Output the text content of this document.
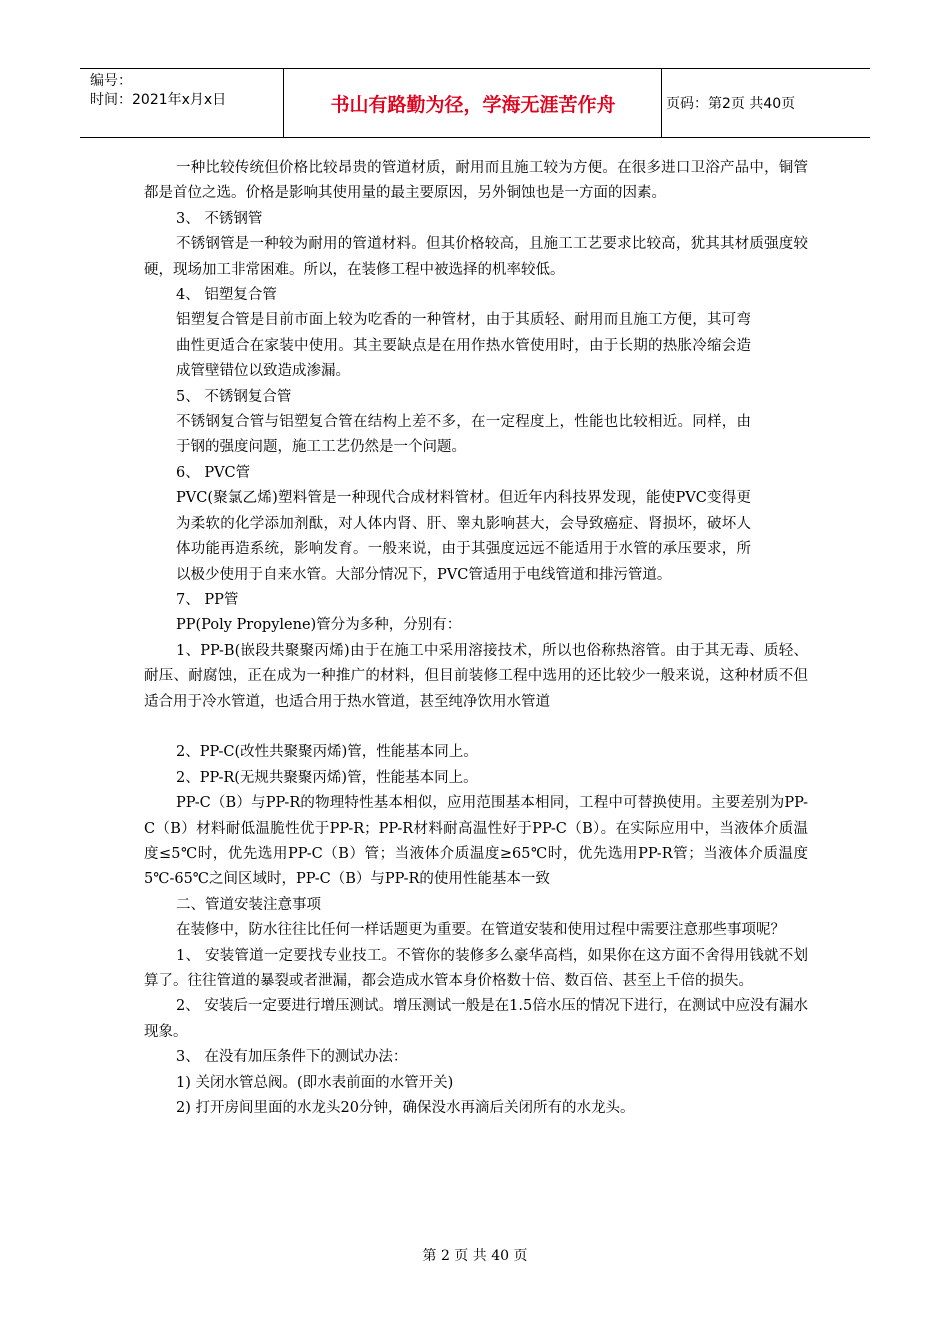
编号：
时间：2021年x月x日	书山有路勤为径，学海无涯苦作舟	页码：第2页 共40页

一种比较传统但价格比较昂贵的管道材质，耐用而且施工较为方便。在很多进口卫浴产品中，铜管都是首位之选。价格是影响其使用量的最主要原因，另外铜蚀也是一方面的因素。

3、 不锈钢管

不锈钢管是一种较为耐用的管道材料。但其价格较高，且施工工艺要求比较高，犹其其材质强度较硬，现场加工非常困难。所以，在装修工程中被选择的机率较低。

4、 铝塑复合管

铝塑复合管是目前市面上较为吃香的一种管材，由于其质轻、耐用而且施工方便，其可弯曲性更适合在家装中使用。其主要缺点是在用作热水管使用时，由于长期的热胀冷缩会造成管壁错位以致造成渗漏。

5、 不锈钢复合管

不锈钢复合管与铝塑复合管在结构上差不多，在一定程度上，性能也比较相近。同样，由于钢的强度问题，施工工艺仍然是一个问题。

6、 PVC管

PVC(聚氯乙烯)塑料管是一种现代合成材料管材。但近年内科技界发现，能使PVC变得更为柔软的化学添加剂酞，对人体内肾、肝、睾丸影响甚大，会导致癌症、肾损坏，破坏人体功能再造系统，影响发育。一般来说，由于其强度远远不能适用于水管的承压要求，所以极少使用于自来水管。大部分情况下，PVC管适用于电线管道和排污管道。

7、 PP管

PP(Poly Propylene)管分为多种，分别有：

1、PP-B(嵌段共聚聚丙烯)由于在施工中采用溶接技术，所以也俗称热溶管。由于其无毒、质轻、耐压、耐腐蚀，正在成为一种推广的材料，但目前装修工程中选用的还比较少一般来说，这种材质不但适合用于冷水管道，也适合用于热水管道，甚至纯净饮用水管道

2、PP-C(改性共聚聚丙烯)管，性能基本同上。

2、PP-R(无规共聚聚丙烯)管，性能基本同上。

PP-C（B）与PP-R的物理特性基本相似，应用范围基本相同，工程中可替换使用。主要差别为PP-C（B）材料耐低温脆性优于PP-R；PP-R材料耐高温性好于PP-C（B）。在实际应用中，当液体介质温度≤5℃时，优先选用PP-C（B）管；当液体介质温度≥65℃时，优先选用PP-R管；当液体介质温度5℃-65℃之间区域时，PP-C（B）与PP-R的使用性能基本一致

二、管道安装注意事项

在装修中，防水往往比任何一样话题更为重要。在管道安装和使用过程中需要注意那些事项呢？

1、 安装管道一定要找专业技工。不管你的装修多么豪华高档，如果你在这方面不舍得用钱就不划算了。往往管道的暴裂或者泄漏，都会造成水管本身价格数十倍、数百倍、甚至上千倍的损失。

2、 安装后一定要进行增压测试。增压测试一般是在1.5倍水压的情况下进行，在测试中应没有漏水现象。

3、 在没有加压条件下的测试办法：

1) 关闭水管总阀。(即水表前面的水管开关)

2) 打开房间里面的水龙头20分钟，确保没水再滴后关闭所有的水龙头。

第 2 页 共 40 页
